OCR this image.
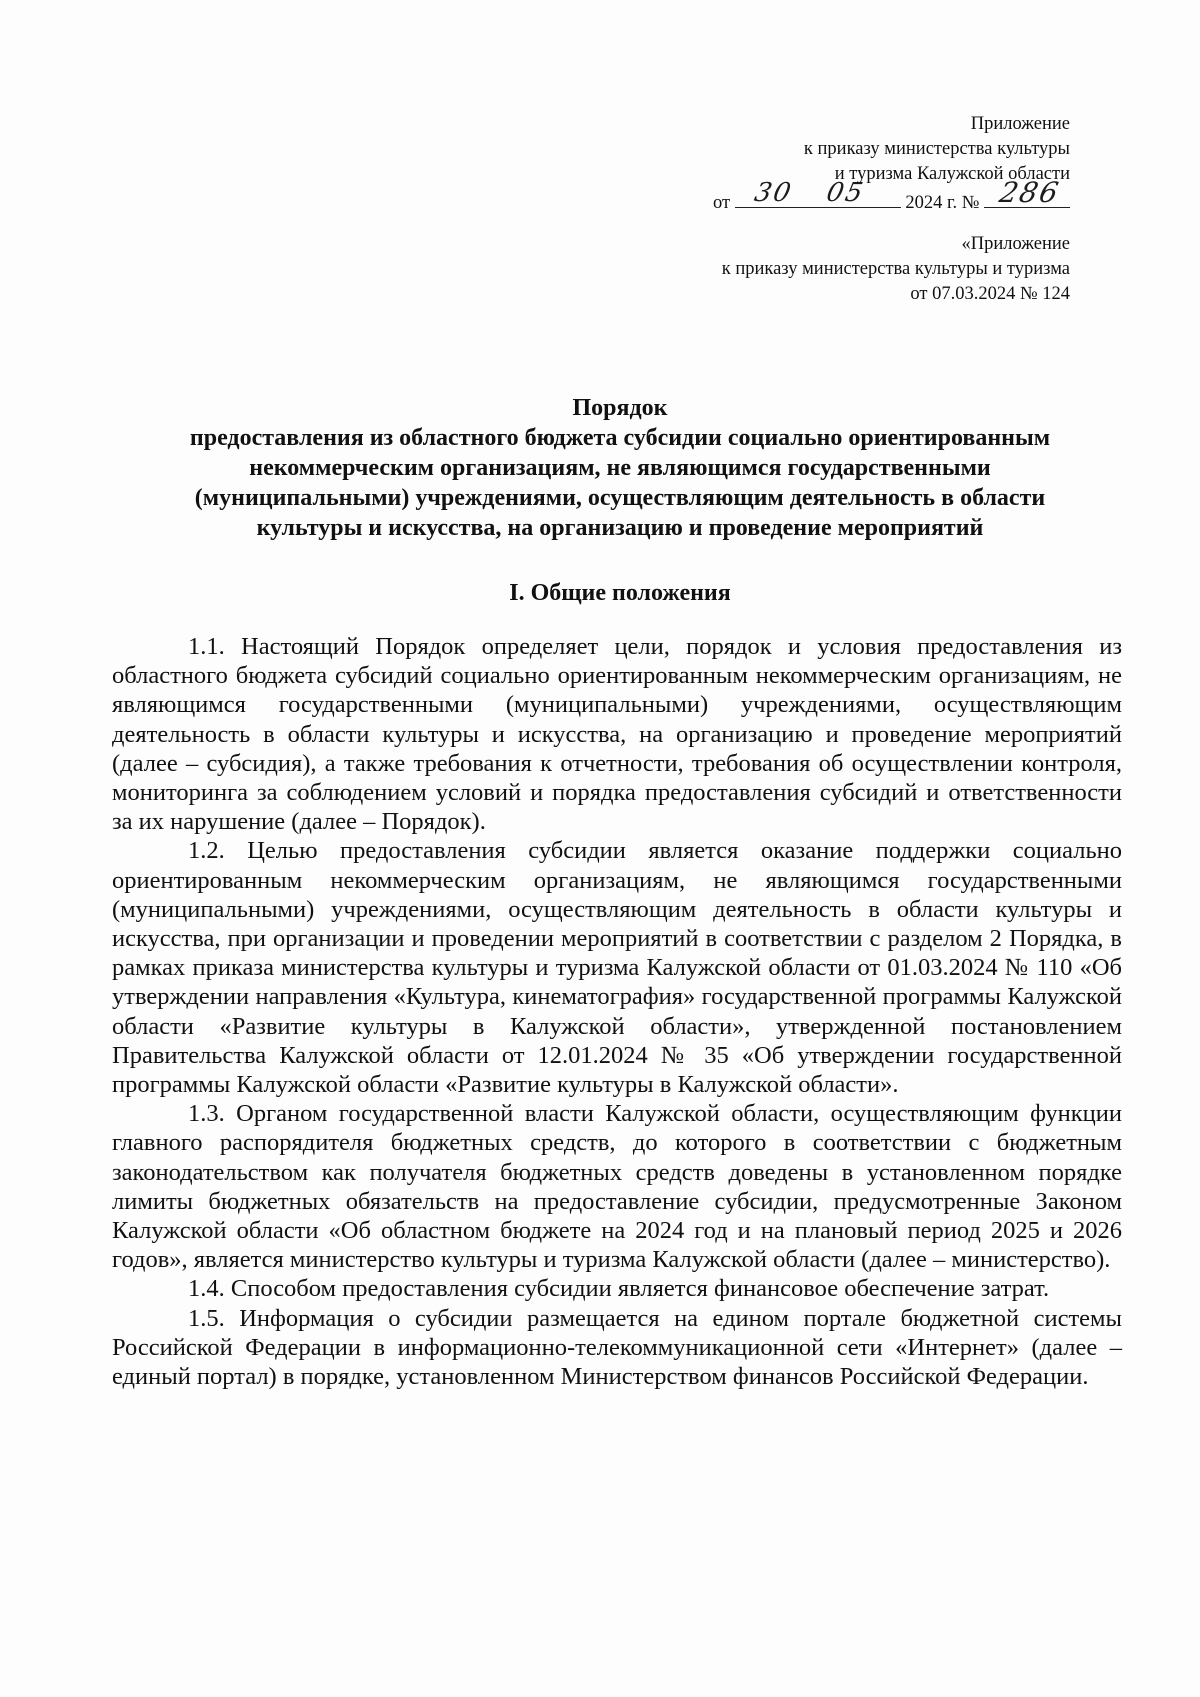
Приложение
к приказу министерства культуры
и туризма Калужской области
от 30 05 2024 г. № 286
«Приложение
к приказу министерства культуры и туризма
от 07.03.2024 № 124
Порядок
предоставления из областного бюджета субсидии социально ориентированным
некоммерческим организациям, не являющимся государственными
(муниципальными) учреждениями, осуществляющим деятельность в области
культуры и искусства, на организацию и проведение мероприятий
I. Общие положения

1.1. Настоящий Порядок определяет цели, порядок и условия предоставления из областного бюджета субсидий социально ориентированным некоммерческим организациям, не являющимся государственными (муниципальными) учреждениями, осуществляющим деятельность в области культуры и искусства, на организацию и проведение мероприятий (далее – субсидия), а также требования к отчетности, требования об осуществлении контроля, мониторинга за соблюдением условий и порядка предоставления субсидий и ответственности за их нарушение (далее – Порядок).

1.2. Целью предоставления субсидии является оказание поддержки социально ориентированным некоммерческим организациям, не являющимся государственными (муниципальными) учреждениями, осуществляющим деятельность в области культуры и искусства, при организации и проведении мероприятий в соответствии с разделом 2 Порядка, в рамках приказа министерства культуры и туризма Калужской области от 01.03.2024 № 110 «Об утверждении направления «Культура, кинематография» государственной программы Калужской области «Развитие культуры в Калужской области», утвержденной постановлением Правительства Калужской области от 12.01.2024 № 35 «Об утверждении государственной программы Калужской области «Развитие культуры в Калужской области».

1.3. Органом государственной власти Калужской области, осуществляющим функции главного распорядителя бюджетных средств, до которого в соответствии с бюджетным законодательством как получателя бюджетных средств доведены в установленном порядке лимиты бюджетных обязательств на предоставление субсидии, предусмотренные Законом Калужской области «Об областном бюджете на 2024 год и на плановый период 2025 и 2026 годов», является министерство культуры и туризма Калужской области (далее – министерство).

1.4. Способом предоставления субсидии является финансовое обеспечение затрат.

1.5. Информация о субсидии размещается на едином портале бюджетной системы Российской Федерации в информационно-телекоммуникационной сети «Интернет» (далее – единый портал) в порядке, установленном Министерством финансов Российской Федерации.
